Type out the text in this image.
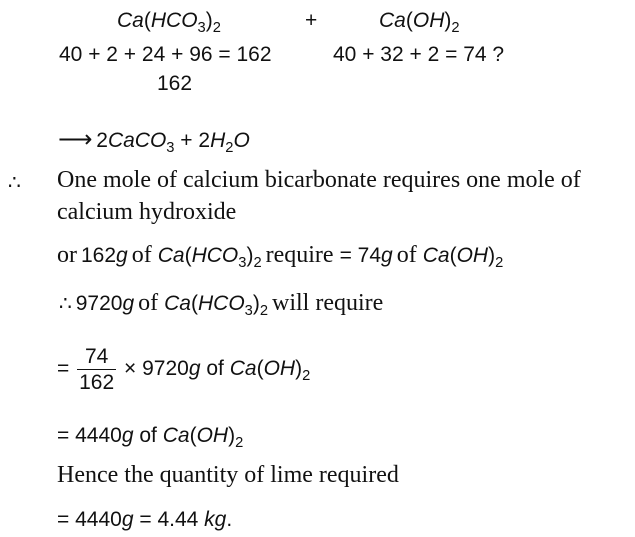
$Ca(HCO_3)_2$	+	$Ca(OH)_2$
40 + 2 + 24 + 96 = 162	40 + 32 + 2 = 74 ?
162
⟶ 2CaCO$_3$ + $2H_2O$
∴ One mole of calcium bicarbonate requires one mole of
calcium hydroxide
or 162g of $Ca(HCO_3)_2$ require = 74g of $Ca(OH)_2$
∴ 9720g of $Ca(HCO_3)_2$ will require
= $\frac{74}{162} \times 9720g$ of $Ca(OH)_2$
= 4440g of $Ca(OH)_2$
Hence the quantity of lime required
= 4440g = 4.44 kg.
